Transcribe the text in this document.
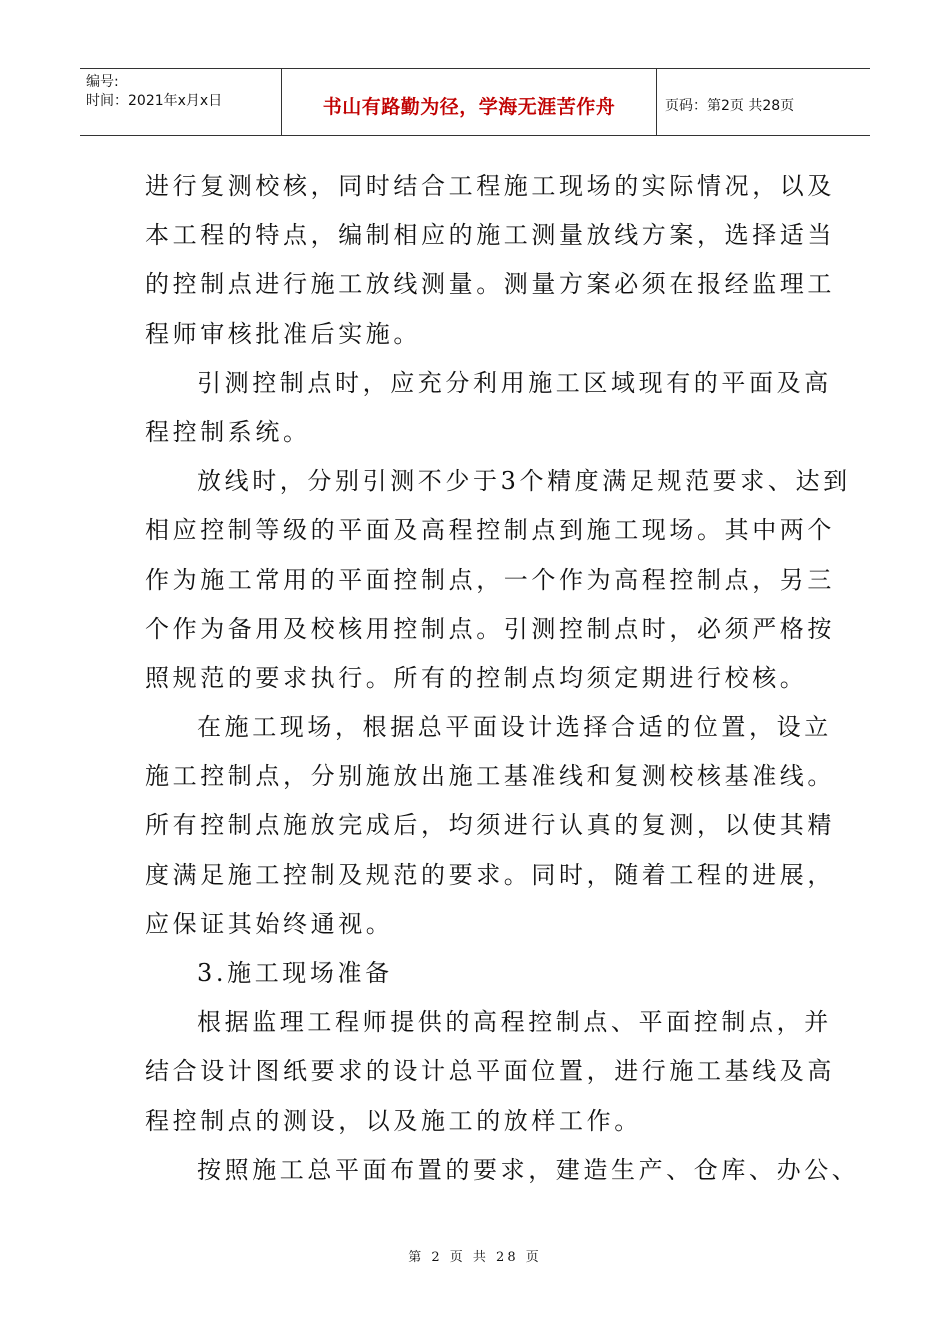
编号:
时间：2021年x月x日	书山有路勤为径，学海无涯苦作舟	页码：第2页 共28页
进行复测校核，同时结合工程施工现场的实际情况，以及
本工程的特点，编制相应的施工测量放线方案，选择适当
的控制点进行施工放线测量。测量方案必须在报经监理工
程师审核批准后实施。
引测控制点时，应充分利用施工区域现有的平面及高
程控制系统。
放线时，分别引测不少于3个精度满足规范要求、达到
相应控制等级的平面及高程控制点到施工现场。其中两个
作为施工常用的平面控制点，一个作为高程控制点，另三
个作为备用及校核用控制点。引测控制点时，必须严格按
照规范的要求执行。所有的控制点均须定期进行校核。
在施工现场，根据总平面设计选择合适的位置，设立
施工控制点，分别施放出施工基准线和复测校核基准线。
所有控制点施放完成后，均须进行认真的复测，以使其精
度满足施工控制及规范的要求。同时，随着工程的进展，
应保证其始终通视。
3.施工现场准备
根据监理工程师提供的高程控制点、平面控制点，并
结合设计图纸要求的设计总平面位置，进行施工基线及高
程控制点的测设，以及施工的放样工作。
按照施工总平面布置的要求，建造生产、仓库、办公、
第 2 页 共 28 页
